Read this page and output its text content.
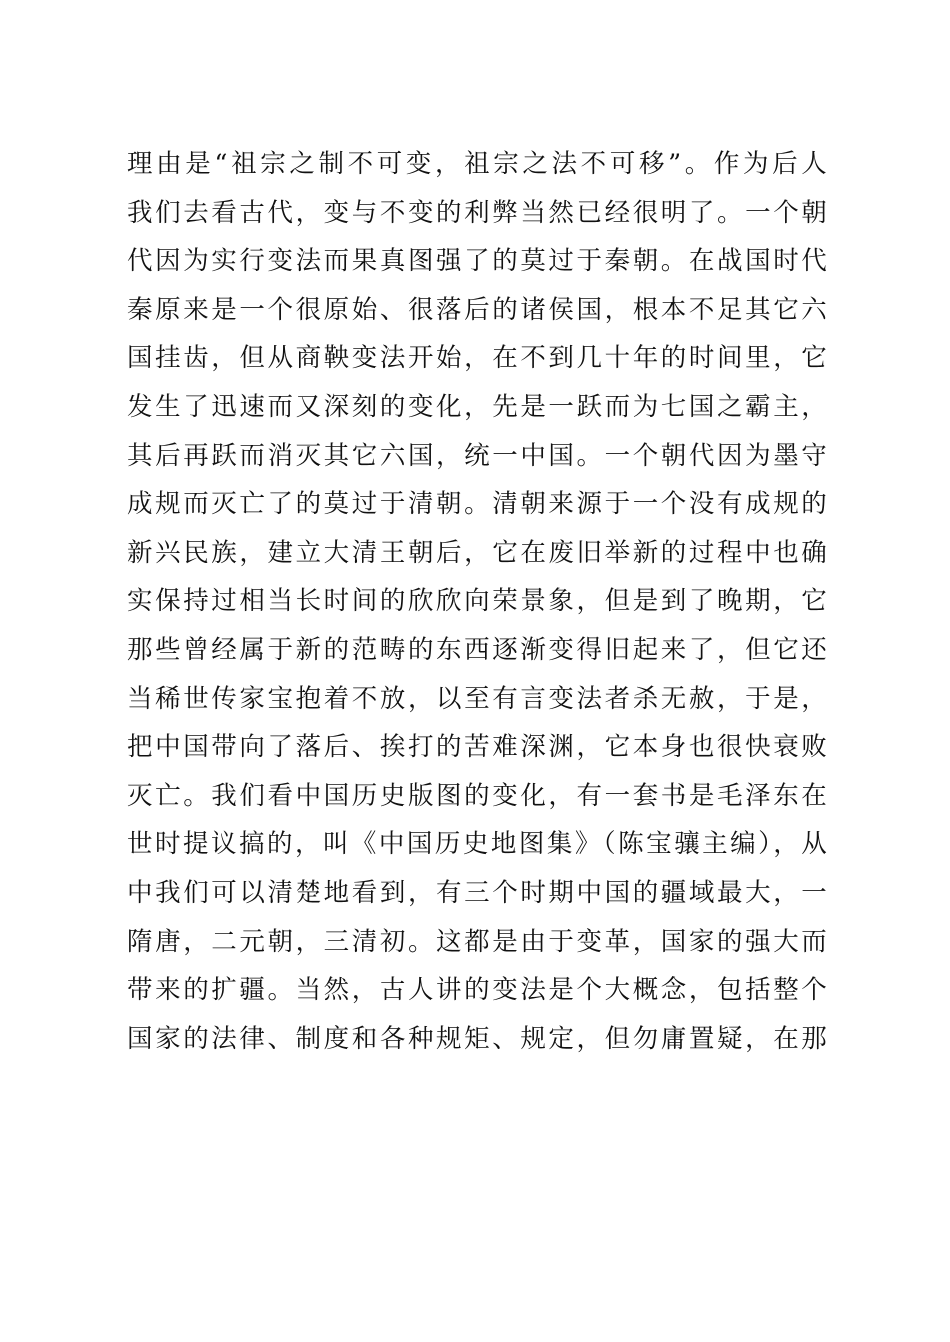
理由是“祖宗之制不可变，祖宗之法不可移”。作为后人
我们去看古代，变与不变的利弊当然已经很明了。一个朝
代因为实行变法而果真图强了的莫过于秦朝。在战国时代
秦原来是一个很原始、很落后的诸侯国，根本不足其它六
国挂齿，但从商鞅变法开始，在不到几十年的时间里，它
发生了迅速而又深刻的变化，先是一跃而为七国之霸主，
其后再跃而消灭其它六国，统一中国。一个朝代因为墨守
成规而灭亡了的莫过于清朝。清朝来源于一个没有成规的
新兴民族，建立大清王朝后，它在废旧举新的过程中也确
实保持过相当长时间的欣欣向荣景象，但是到了晚期，它
那些曾经属于新的范畴的东西逐渐变得旧起来了，但它还
当稀世传家宝抱着不放，以至有言变法者杀无赦，于是，
把中国带向了落后、挨打的苦难深渊，它本身也很快衰败
灭亡。我们看中国历史版图的变化，有一套书是毛泽东在
世时提议搞的，叫《中国历史地图集》（陈宝骧主编），从
中我们可以清楚地看到，有三个时期中国的疆域最大，一
隋唐，二元朝，三清初。这都是由于变革，国家的强大而
带来的扩疆。当然，古人讲的变法是个大概念，包括整个
国家的法律、制度和各种规矩、规定，但勿庸置疑，在那
